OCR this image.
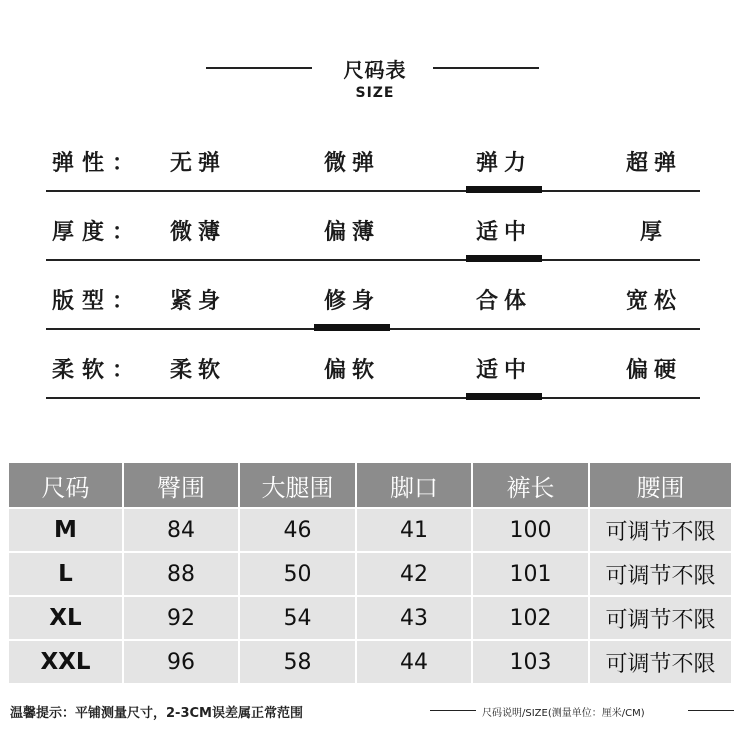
尺码表
SIZE
弹性：	无弹	微弹	弹力	超弹
厚度：	微薄	偏薄	适中	厚
版型：	紧身	修身	合体	宽松
柔软：	柔软	偏软	适中	偏硬
尺码	臀围	大腿围	脚口	裤长	腰围
M	84	46	41	100	可调节不限
L	88	50	42	101	可调节不限
XL	92	54	43	102	可调节不限
XXL	96	58	44	103	可调节不限
温馨提示：平铺测量尺寸，2-3CM误差属正常范围	尺码说明/SIZE(测量单位：厘米/CM)
